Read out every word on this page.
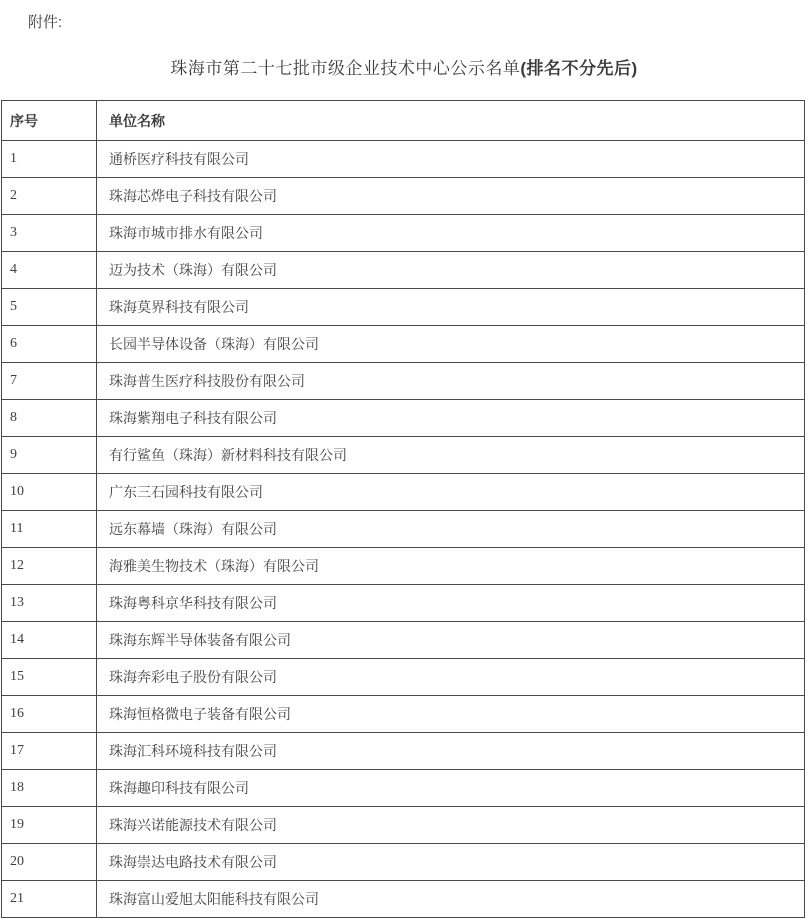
附件:
珠海市第二十七批市级企业技术中心公示名单(排名不分先后)
序号	单位名称
1	通桥医疗科技有限公司
2	珠海芯烨电子科技有限公司
3	珠海市城市排水有限公司
4	迈为技术（珠海）有限公司
5	珠海莫界科技有限公司
6	长园半导体设备（珠海）有限公司
7	珠海普生医疗科技股份有限公司
8	珠海紫翔电子科技有限公司
9	有行鲨鱼（珠海）新材料科技有限公司
10	广东三石园科技有限公司
11	远东幕墙（珠海）有限公司
12	海雅美生物技术（珠海）有限公司
13	珠海粤科京华科技有限公司
14	珠海东辉半导体装备有限公司
15	珠海奔彩电子股份有限公司
16	珠海恒格微电子装备有限公司
17	珠海汇科环境科技有限公司
18	珠海趣印科技有限公司
19	珠海兴诺能源技术有限公司
20	珠海崇达电路技术有限公司
21	珠海富山爱旭太阳能科技有限公司
